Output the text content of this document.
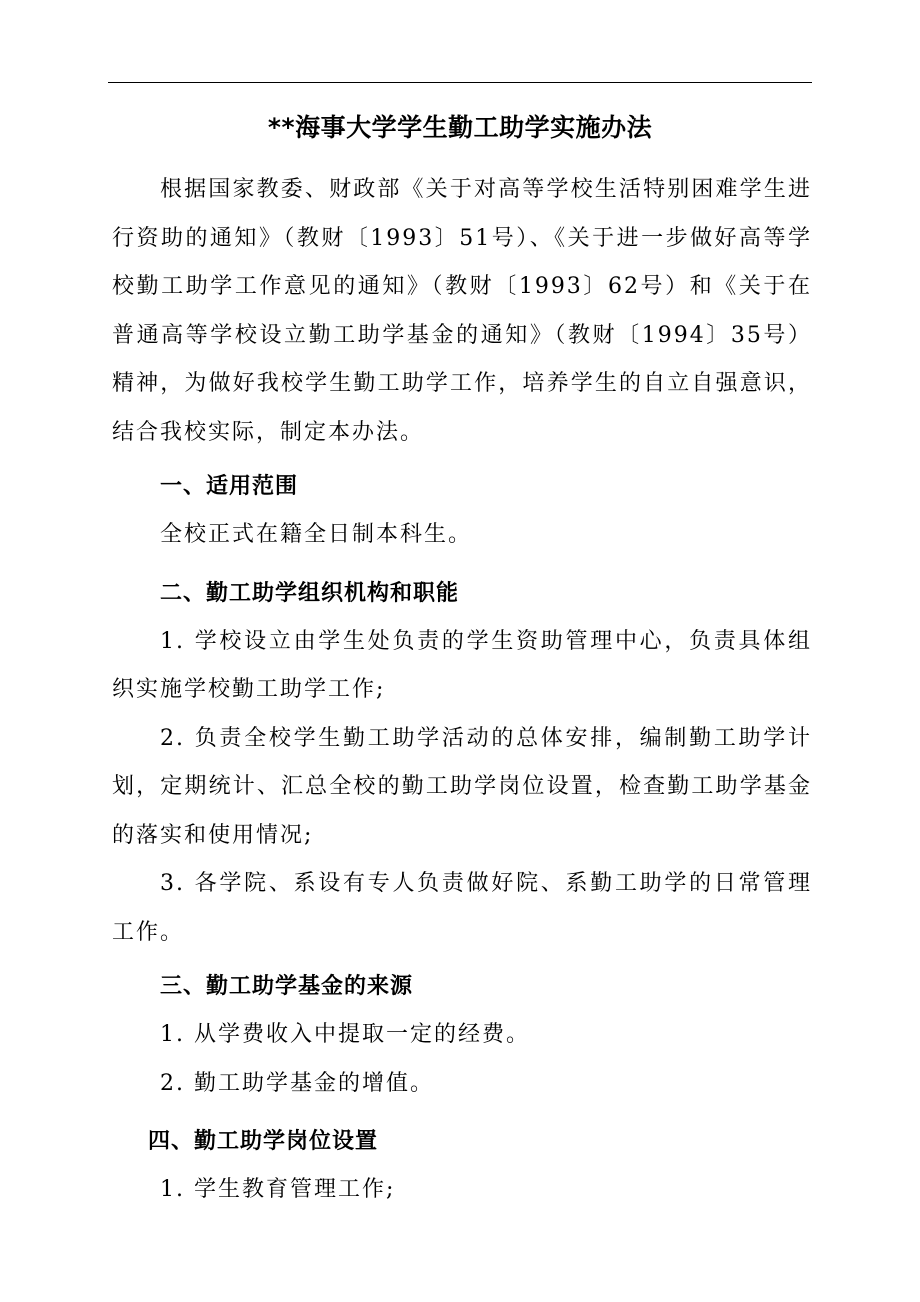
**海事大学学生勤工助学实施办法

根据国家教委、财政部《关于对高等学校生活特别困难学生进行资助的通知》（教财〔1993〕51号）、《关于进一步做好高等学校勤工助学工作意见的通知》（教财〔1993〕62号）和《关于在普通高等学校设立勤工助学基金的通知》（教财〔1994〕35号）精神，为做好我校学生勤工助学工作，培养学生的自立自强意识，结合我校实际，制定本办法。

一、适用范围

全校正式在籍全日制本科生。

二、勤工助学组织机构和职能

1. 学校设立由学生处负责的学生资助管理中心，负责具体组织实施学校勤工助学工作;

2. 负责全校学生勤工助学活动的总体安排，编制勤工助学计划，定期统计、汇总全校的勤工助学岗位设置，检查勤工助学基金的落实和使用情况;

3. 各学院、系设有专人负责做好院、系勤工助学的日常管理工作。

三、勤工助学基金的来源

1. 从学费收入中提取一定的经费。

2. 勤工助学基金的增值。

四、勤工助学岗位设置

1. 学生教育管理工作;
